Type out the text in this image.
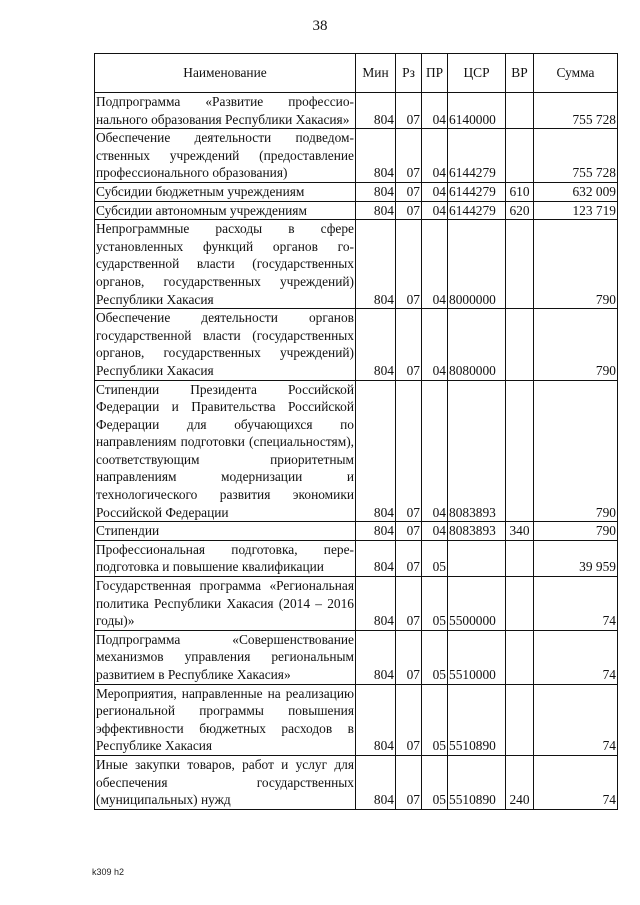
38
Наименование	Мин	Рз	ПР	ЦСР	ВР	Сумма
Подпрограмма «Развитие профессионального образования Республики Хакасия»	804	07	04	6140000		755 728
Обеспечение деятельности подведомственных учреждений (предоставление профессионального образования)	804	07	04	6144279		755 728
Субсидии бюджетным учреждениям	804	07	04	6144279	610	632 009
Субсидии автономным учреждениям	804	07	04	6144279	620	123 719
Непрограммные расходы в сфере установленных функций органов государственной власти (государственных органов, государственных учреждений) Республики Хакасия	804	07	04	8000000		790
Обеспечение деятельности органов государственной власти (государственных органов, государственных учреждений) Республики Хакасия	804	07	04	8080000		790
Стипендии Президента Российской Федерации и Правительства Российской Федерации для обучающихся по направлениям подготовки (специальностям), соответствующим приоритетным направлениям модернизации и технологического развития экономики Российской Федерации	804	07	04	8083893		790
Стипендии	804	07	04	8083893	340	790
Профессиональная подготовка, переподготовка и повышение квалификации	804	07	05			39 959
Государственная программа «Региональная политика Республики Хакасия (2014 – 2016 годы)»	804	07	05	5500000		74
Подпрограмма «Совершенствование механизмов управления региональным развитием в Республике Хакасия»	804	07	05	5510000		74
Мероприятия, направленные на реализацию региональной программы повышения эффективности бюджетных расходов в Республике Хакасия	804	07	05	5510890		74
Иные закупки товаров, работ и услуг для обеспечения государственных (муниципальных) нужд	804	07	05	5510890	240	74
k309 h2
